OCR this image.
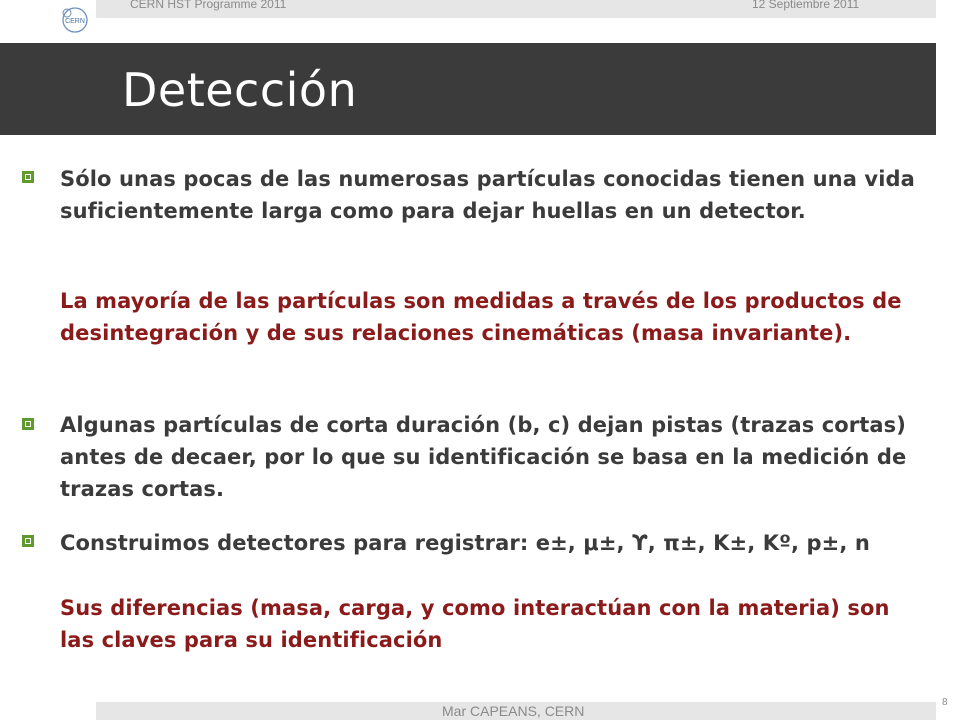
CERN
CERN HST Programme 2011	12 Septiembre 2011
Detección
Sólo unas pocas de las numerosas partículas conocidas tienen una vida suficientemente larga como para dejar huellas en un detector.
La mayoría de las partículas son medidas a través de los productos de desintegración y de sus relaciones cinemáticas (masa invariante).
Algunas partículas de corta duración (b, c) dejan pistas (trazas cortas) antes de decaer, por lo que su identificación se basa en la medición de trazas cortas.
Construimos detectores para registrar: e±, μ±, ϒ, π±, K±, Kº, p±, n
Sus diferencias (masa, carga, y como interactúan con la materia) son las claves para su identificación
Mar CAPEANS, CERN
8
